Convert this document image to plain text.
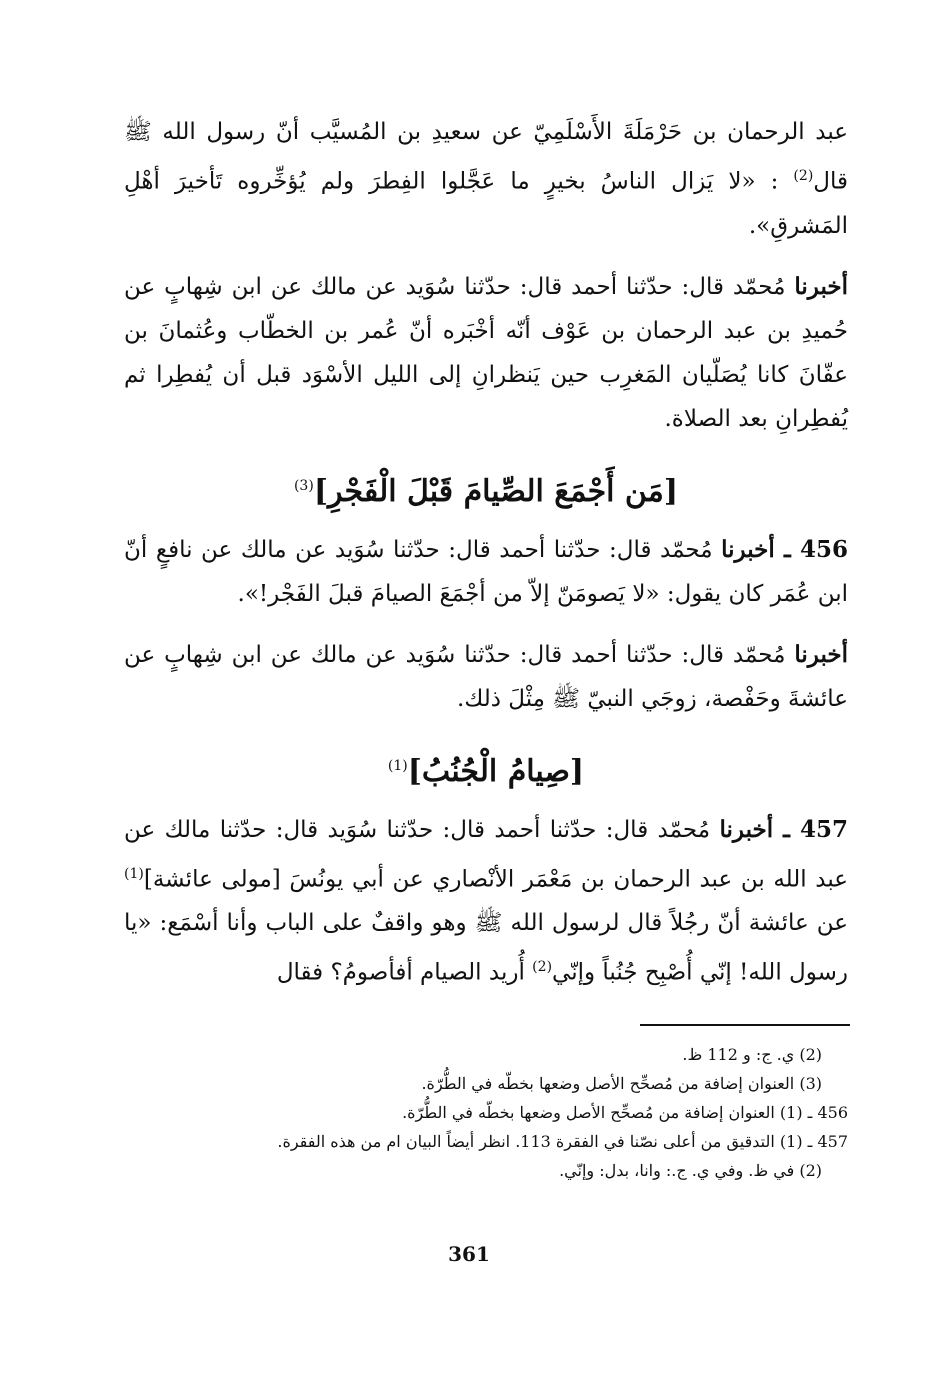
عبد الرحمان بن حَرْمَلَةَ الأَسْلَمِيّ عن سعيدِ بن المُسيَّب أنّ رسول الله ﷺ قال$^{(2)}$ : «لا يَزال الناسُ بخيرٍ ما عَجَّلوا الفِطرَ ولم يُؤخِّروه تَأخيرَ أهْلِ المَشرقِ».

أخبرنا مُحمّد قال: حدّثنا أحمد قال: حدّثنا سُوَيد عن مالك عن ابن شِهابٍ عن حُميدِ بن عبد الرحمان بن عَوْف أنّه أخْبَره أنّ عُمر بن الخطّاب وعُثمانَ بن عفّانَ كانا يُصَلّيان المَغرِب حين يَنظرانِ إلى الليل الأسْوَد قبل أن يُفطِرا ثم يُفطِرانِ بعد الصلاة.

[مَن أَجْمَعَ الصِّيامَ قَبْلَ الْفَجْرِ]$^{(3)}$

456 ـ أخبرنا مُحمّد قال: حدّثنا أحمد قال: حدّثنا سُوَيد عن مالك عن نافعٍ أنّ ابن عُمَر كان يقول: «لا يَصومَنّ إلاّ من أجْمَعَ الصيامَ قبلَ الفَجْر!».

أخبرنا مُحمّد قال: حدّثنا أحمد قال: حدّثنا سُوَيد عن مالك عن ابن شِهابٍ عن عائشةَ وحَفْصة، زوجَي النبيّ ﷺ مِثْلَ ذلك.

[صِيامُ الْجُنُبُ]$^{(1)}$

457 ـ أخبرنا مُحمّد قال: حدّثنا أحمد قال: حدّثنا سُوَيد قال: حدّثنا مالك عن عبد الله بن عبد الرحمان بن مَعْمَر الأنْصاري عن أبي يونُسَ [مولى عائشة]$^{(1)}$ عن عائشة أنّ رجُلاً قال لرسول الله ﷺ وهو واقفٌ على الباب وأنا أسْمَع: «يا رسول الله! إنّي أُصْبِح جُنُباً وإنّي$^{(2)}$ أُريد الصيام أفأصومُ؟ فقال

(2) ي. ج: و 112 ظ.

(3) العنوان إضافة من مُصحِّح الأصل وضعها بخطّه في الطُّرّة.

456 ـ (1) العنوان إضافة من مُصحِّح الأصل وضعها بخطّه في الطُّرّة.

457 ـ (1) التدقيق من أعلى نصّنا في الفقرة 113. انظر أيضاً البيان ام من هذه الفقرة.

(2) في ظ. وفي ي. ج.: وانا، بدل: وإنّي.

361
